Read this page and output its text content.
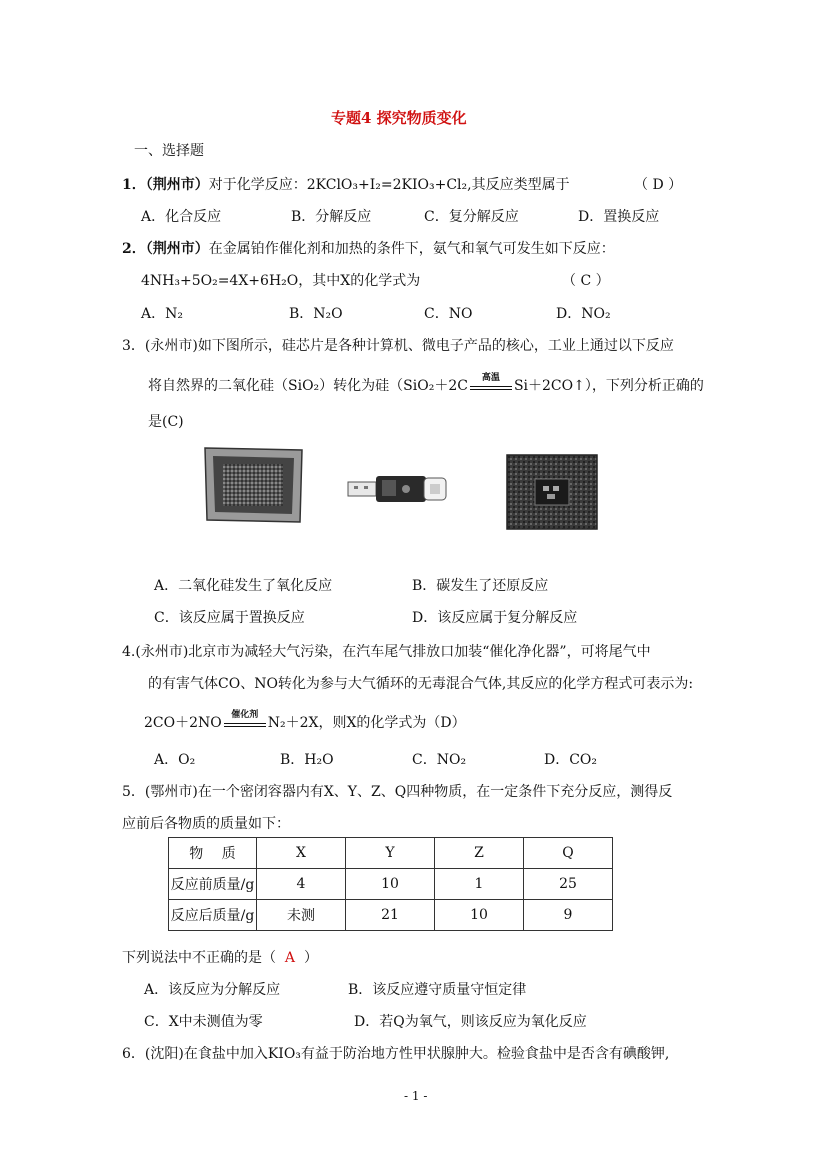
专题4 探究物质变化
一、选择题
1．（荆州市）对于化学反应：2KClO₃+I₂=2KIO₃+Cl₂,其反应类型属于	（ D ）
A．化合反应	B．分解反应	C．复分解反应	D．置换反应
2．（荆州市）在金属铂作催化剂和加热的条件下，氨气和氧气可发生如下反应：
4NH₃+5O₂=4X+6H₂O，其中X的化学式为	（ C ）
A．N₂	B．N₂O	C．NO	D．NO₂
3．(永州市)如下图所示，硅芯片是各种计算机、微电子产品的核心，工业上通过以下反应
将自然界的二氧化硅（SiO₂）转化为硅（SiO₂＋2C	高温	Si＋2CO↑），下列分析正确的
是(C)
A．二氧化硅发生了氧化反应	B．碳发生了还原反应
C．该反应属于置换反应	D．该反应属于复分解反应
4.(永州市)北京市为减轻大气污染，在汽车尾气排放口加装“催化净化器”，可将尾气中
的有害气体CO、NO转化为参与大气循环的无毒混合气体,其反应的化学方程式可表示为:
2CO＋2NO	催化剂 N₂＋2X，则X的化学式为（D）
A．O₂	B．H₂O	C．NO₂	D．CO₂
5．(鄂州市)在一个密闭容器内有X、Y、Z、Q四种物质，在一定条件下充分反应，测得反
应前后各物质的质量如下：
物　 质	X	Y	Z	Q
反应前质量/g	4	10	1	25
反应后质量/g	未测	21	10	9
下列说法中不正确的是（ A ）
A．该反应为分解反应	B．该反应遵守质量守恒定律
C．X中未测值为零	D．若Q为氧气，则该反应为氧化反应
6．(沈阳)在食盐中加入KIO₃有益于防治地方性甲状腺肿大。检验食盐中是否含有碘酸钾,
- 1 -
